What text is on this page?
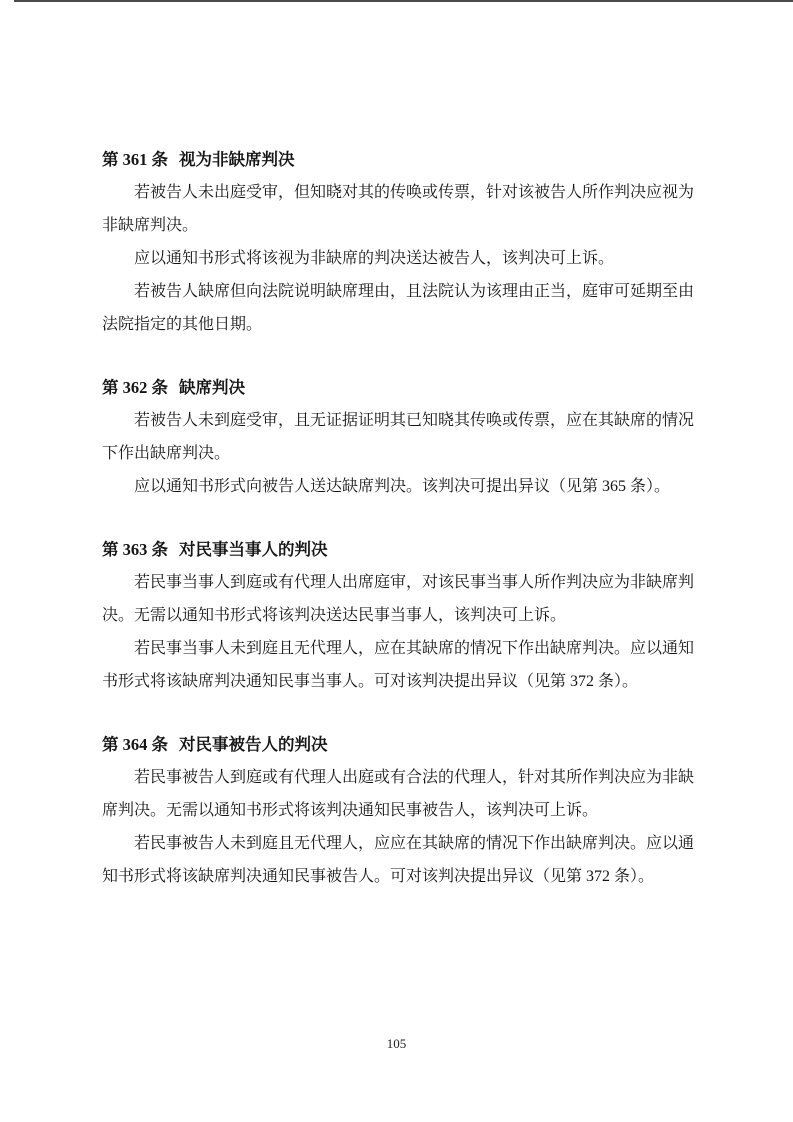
第 361 条 视为非缺席判决

若被告人未出庭受审，但知晓对其的传唤或传票，针对该被告人所作判决应视为非缺席判决。

应以通知书形式将该视为非缺席的判决送达被告人，该判决可上诉。

若被告人缺席但向法院说明缺席理由，且法院认为该理由正当，庭审可延期至由法院指定的其他日期。

第 362 条 缺席判决

若被告人未到庭受审，且无证据证明其已知晓其传唤或传票，应在其缺席的情况下作出缺席判决。

应以通知书形式向被告人送达缺席判决。该判决可提出异议（见第 365 条）。

第 363 条 对民事当事人的判决

若民事当事人到庭或有代理人出席庭审，对该民事当事人所作判决应为非缺席判决。无需以通知书形式将该判决送达民事当事人，该判决可上诉。

若民事当事人未到庭且无代理人，应在其缺席的情况下作出缺席判决。应以通知书形式将该缺席判决通知民事当事人。可对该判决提出异议（见第 372 条）。

第 364 条 对民事被告人的判决

若民事被告人到庭或有代理人出庭或有合法的代理人，针对其所作判决应为非缺席判决。无需以通知书形式将该判决通知民事被告人，该判决可上诉。

若民事被告人未到庭且无代理人，应应在其缺席的情况下作出缺席判决。应以通知书形式将该缺席判决通知民事被告人。可对该判决提出异议（见第 372 条）。

105
